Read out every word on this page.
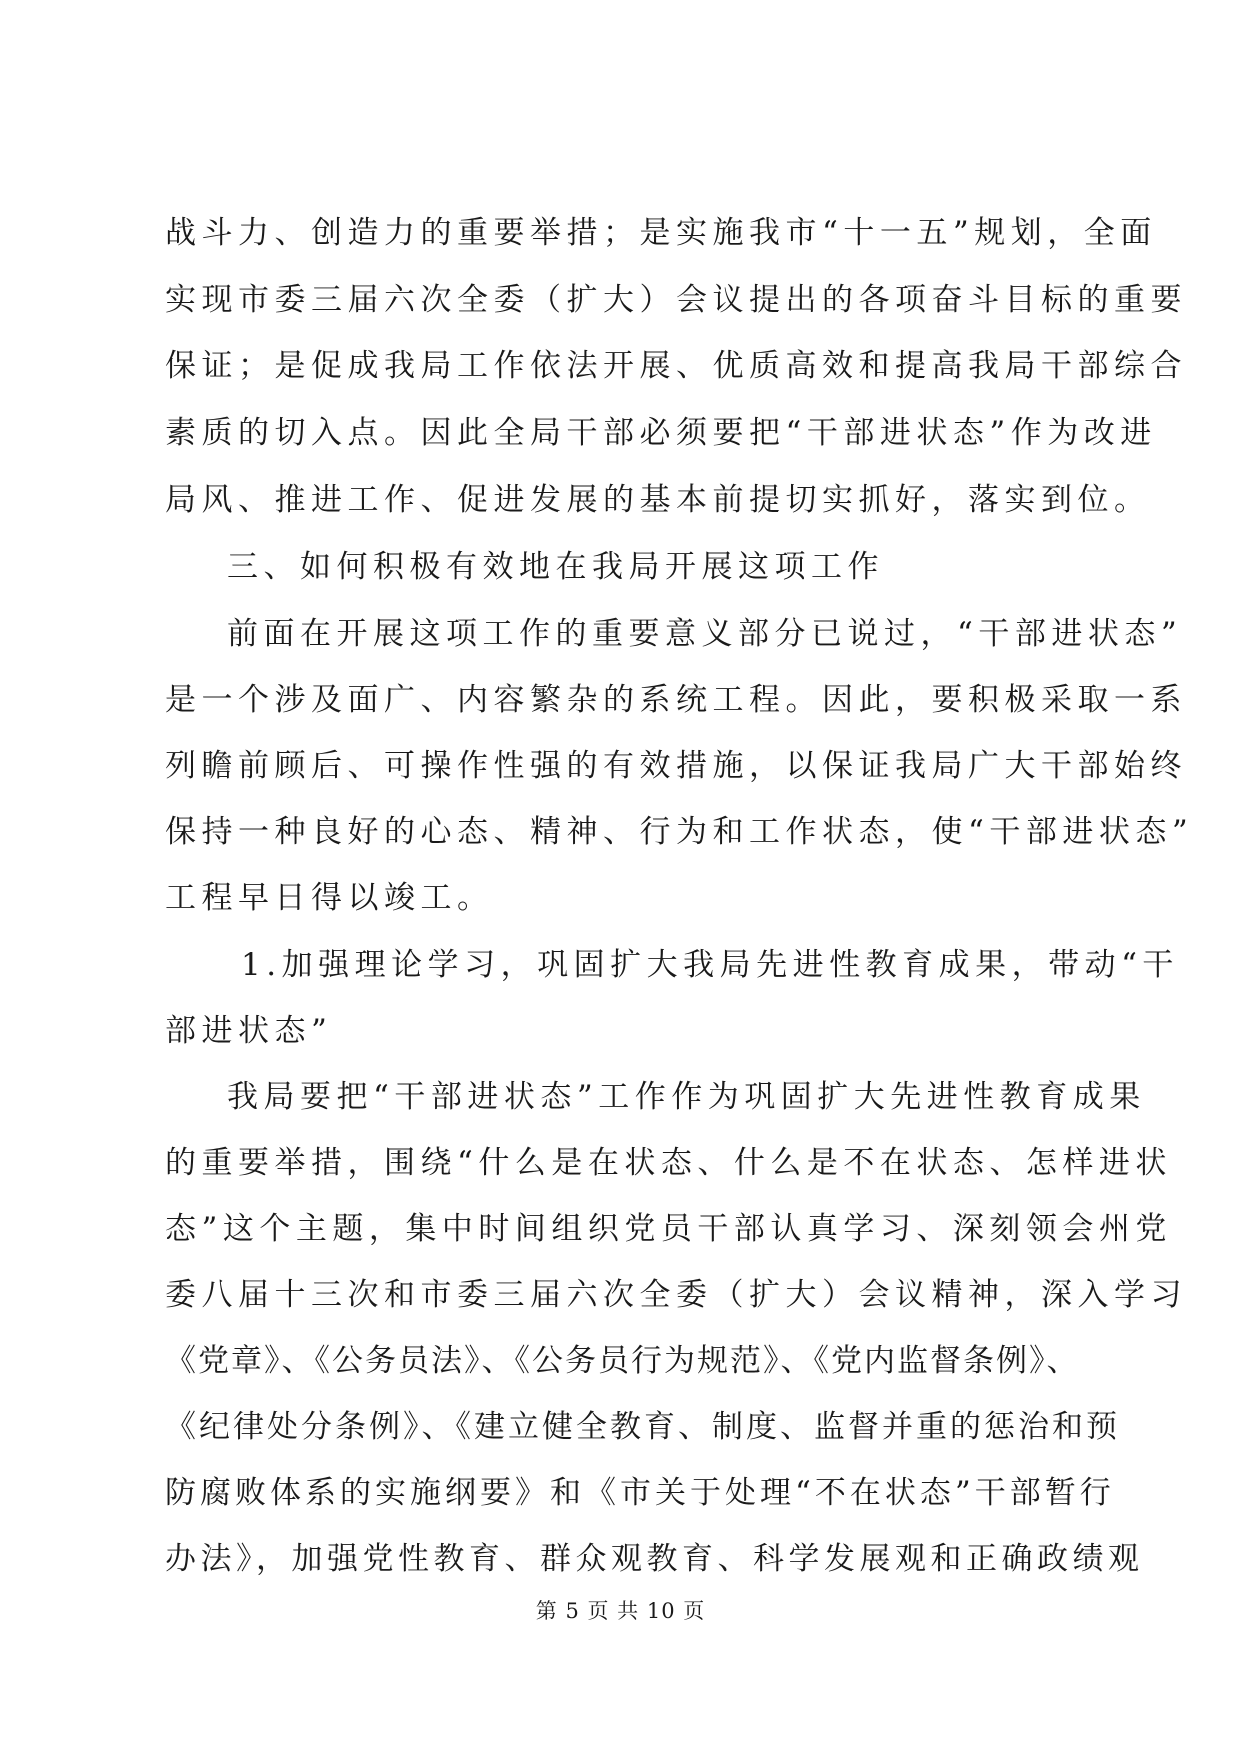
战斗力、创造力的重要举措；是实施我市“十一五”规划，全面
实现市委三届六次全委（扩大）会议提出的各项奋斗目标的重要
保证；是促成我局工作依法开展、优质高效和提高我局干部综合
素质的切入点。因此全局干部必须要把“干部进状态”作为改进
局风、推进工作、促进发展的基本前提切实抓好，落实到位。
三、如何积极有效地在我局开展这项工作
前面在开展这项工作的重要意义部分已说过，“干部进状态”
是一个涉及面广、内容繁杂的系统工程。因此，要积极采取一系
列瞻前顾后、可操作性强的有效措施，以保证我局广大干部始终
保持一种良好的心态、精神、行为和工作状态，使“干部进状态”
工程早日得以竣工。
1.加强理论学习，巩固扩大我局先进性教育成果，带动“干
部进状态”
我局要把“干部进状态”工作作为巩固扩大先进性教育成果
的重要举措，围绕“什么是在状态、什么是不在状态、怎样进状
态”这个主题，集中时间组织党员干部认真学习、深刻领会州党
委八届十三次和市委三届六次全委（扩大）会议精神，深入学习
《党章》、《公务员法》、《公务员行为规范》、《党内监督条例》、
《纪律处分条例》、《建立健全教育、制度、监督并重的惩治和预
防腐败体系的实施纲要》和《市关于处理“不在状态”干部暂行
办法》，加强党性教育、群众观教育、科学发展观和正确政绩观
第 5 页 共 10 页
